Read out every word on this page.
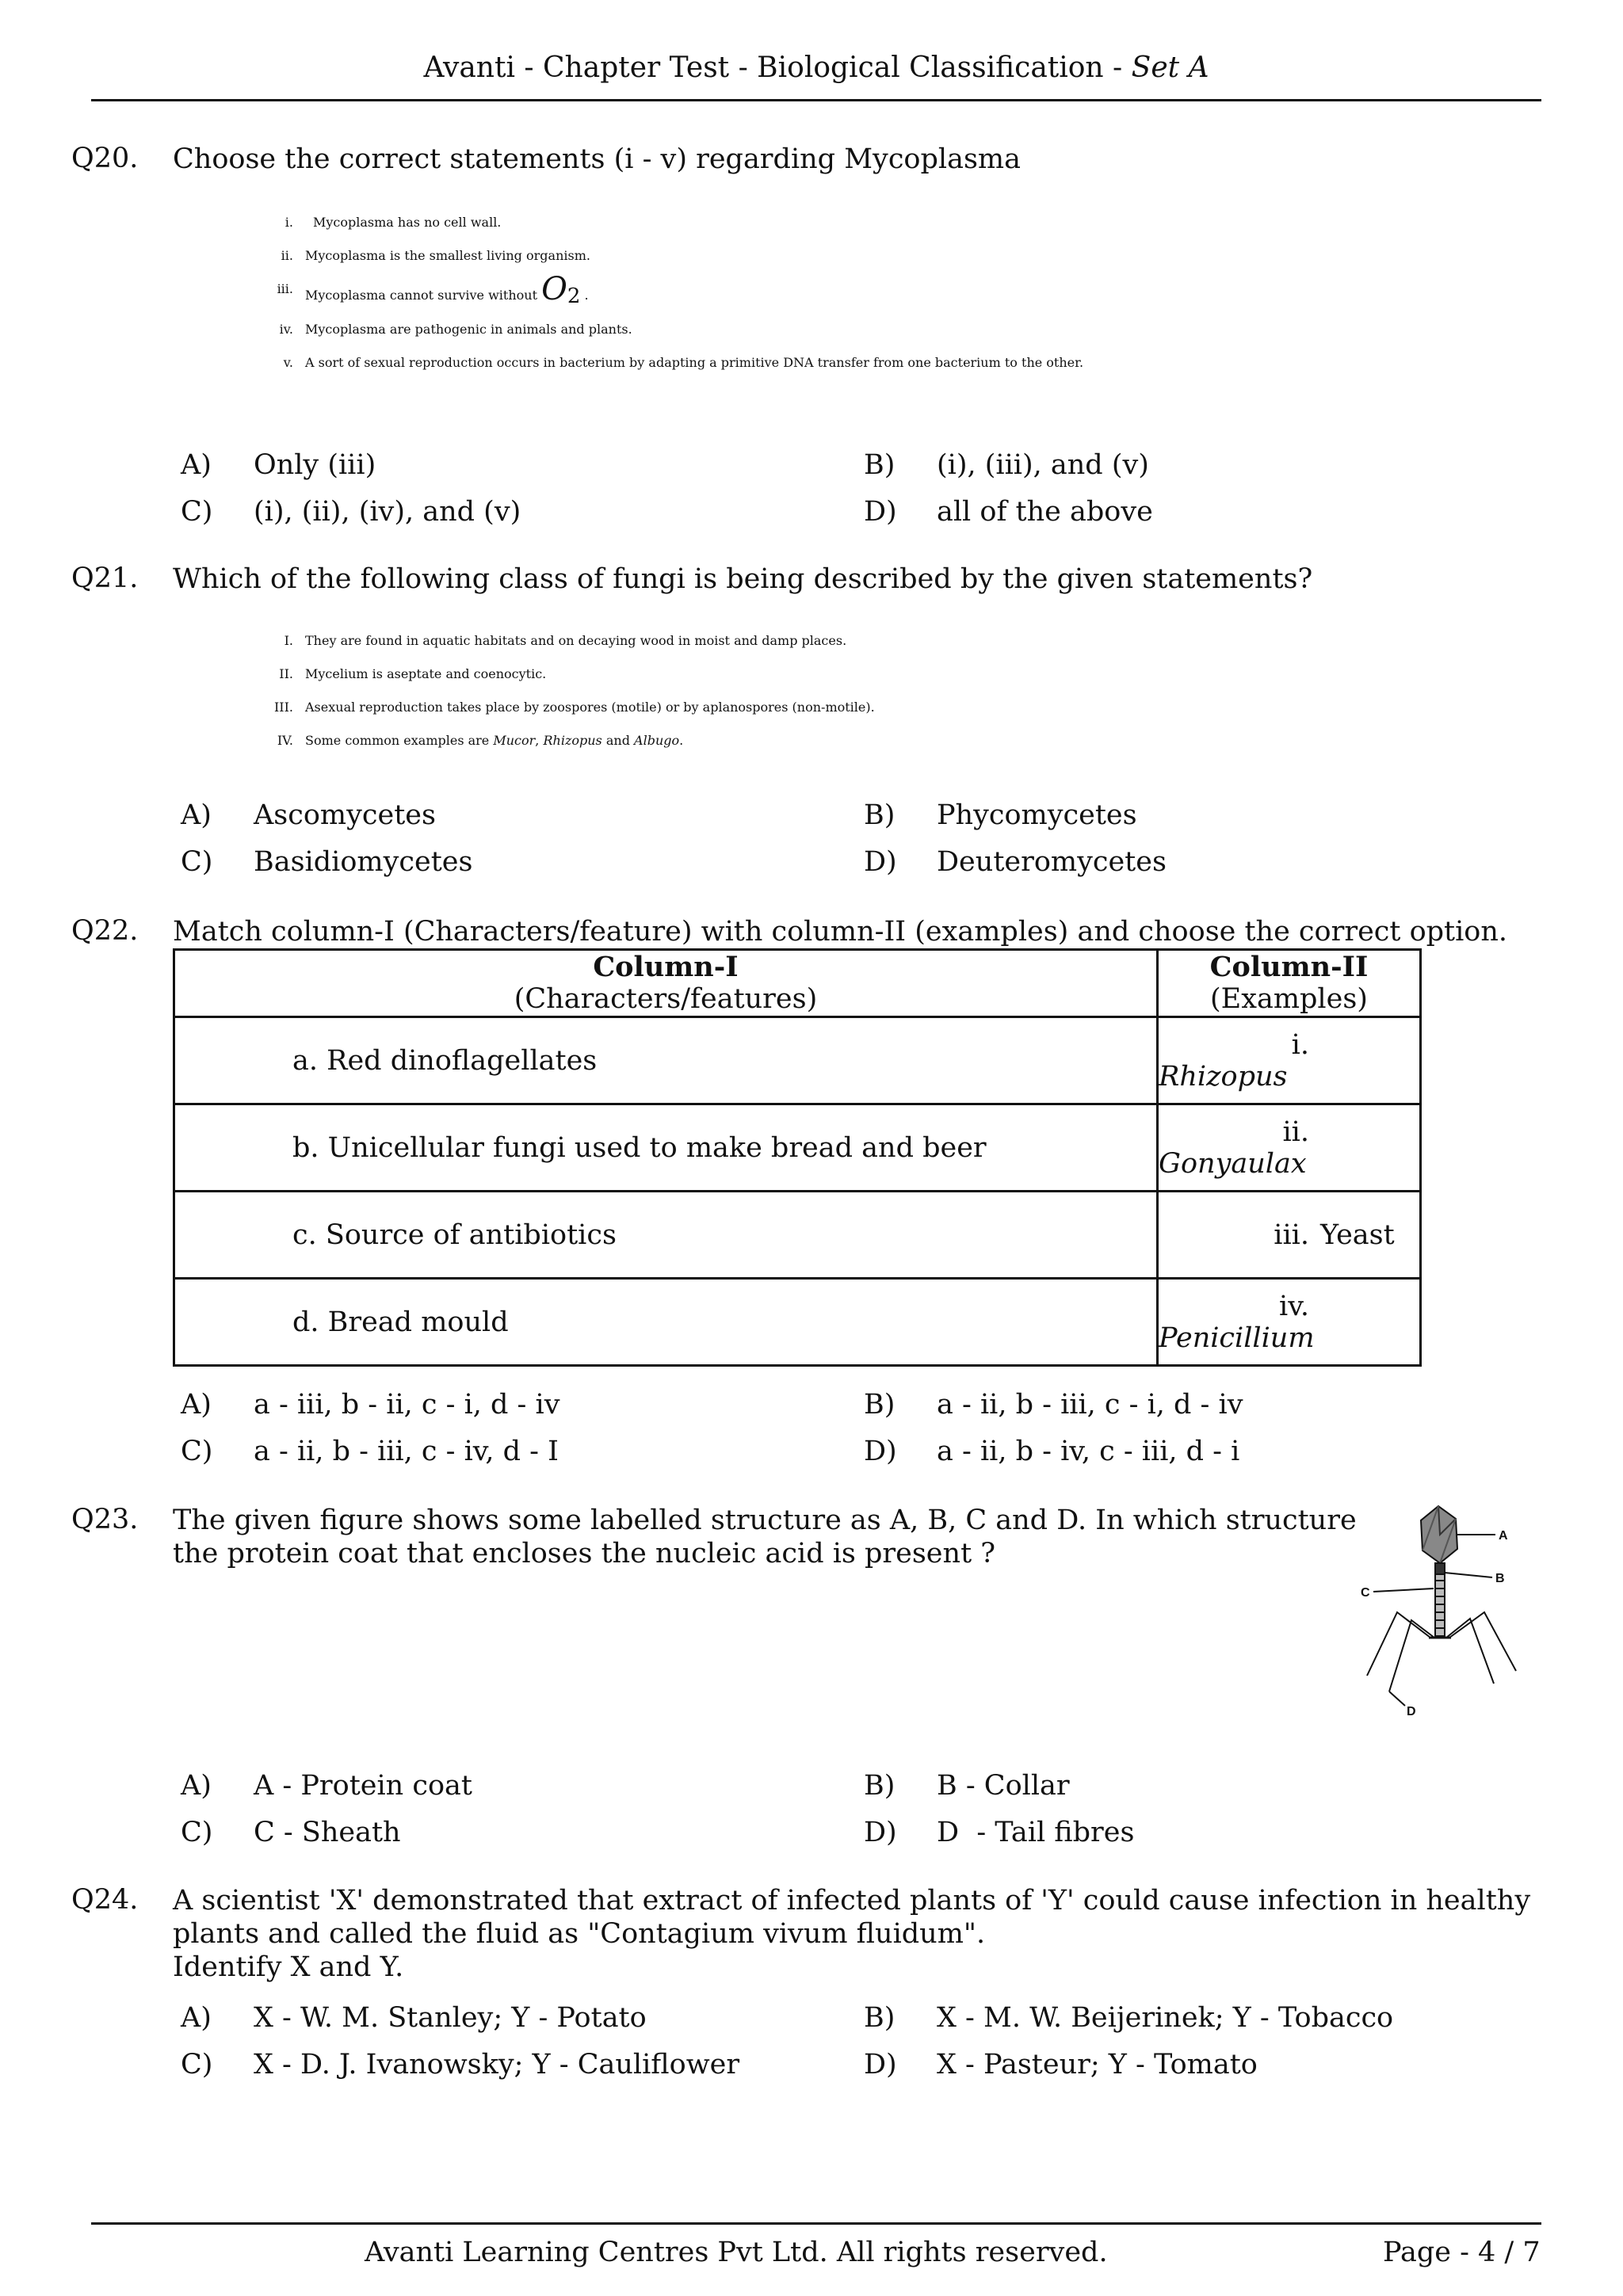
Avanti - Chapter Test - Biological Classification - Set A
Q20. Choose the correct statements (i - v) regarding Mycoplasma
i. Mycoplasma has no cell wall.
ii. Mycoplasma is the smallest living organism.
iii. Mycoplasma cannot survive without $O_2$ .
iv. Mycoplasma are pathogenic in animals and plants.
v. A sort of sexual reproduction occurs in bacterium by adapting a primitive DNA transfer from one bacterium to the other.
A) Only (iii)	B) (i), (iii), and (v)
C) (i), (ii), (iv), and (v)	D) all of the above
Q21. Which of the following class of fungi is being described by the given statements?
I. They are found in aquatic habitats and on decaying wood in moist and damp places.
II. Mycelium is aseptate and coenocytic.
III. Asexual reproduction takes place by zoospores (motile) or by aplanospores (non-motile).
IV. Some common examples are Mucor, Rhizopus and Albugo.
A) Ascomycetes	B) Phycomycetes
C) Basidiomycetes	D) Deuteromycetes
Q22. Match column-I (Characters/feature) with column-II (examples) and choose the correct option.
Column-I
(Characters/features)	Column-II
(Examples)
a. Red dinoflagellates	i.Rhizopus
b. Unicellular fungi used to make bread and beer	ii.Gonyaulax
c. Source of antibiotics	iii. Yeast
d. Bread mould	iv.Penicillium
A) a - iii, b - ii, c - i, d - iv	B) a - ii, b - iii, c - i, d - iv
C) a - ii, b - iii, c - iv, d - I	D) a - ii, b - iv, c - iii, d - i
Q23. The given figure shows some labelled structure as A, B, C and D. In which structure
the protein coat that encloses the nucleic acid is present ?
A
B
C
D
A) A - Protein coat	B) B - Collar
C) C - Sheath	D) D  - Tail fibres
Q24. A scientist 'X' demonstrated that extract of infected plants of 'Y' could cause infection in healthy
plants and called the fluid as "Contagium vivum fluidum".
Identify X and Y.
A) X - W. M. Stanley; Y - Potato	B) X - M. W. Beijerinek; Y - Tobacco
C) X - D. J. Ivanowsky; Y - Cauliflower	D) X - Pasteur; Y - Tomato
Avanti Learning Centres Pvt Ltd. All rights reserved.	Page - 4 / 7
